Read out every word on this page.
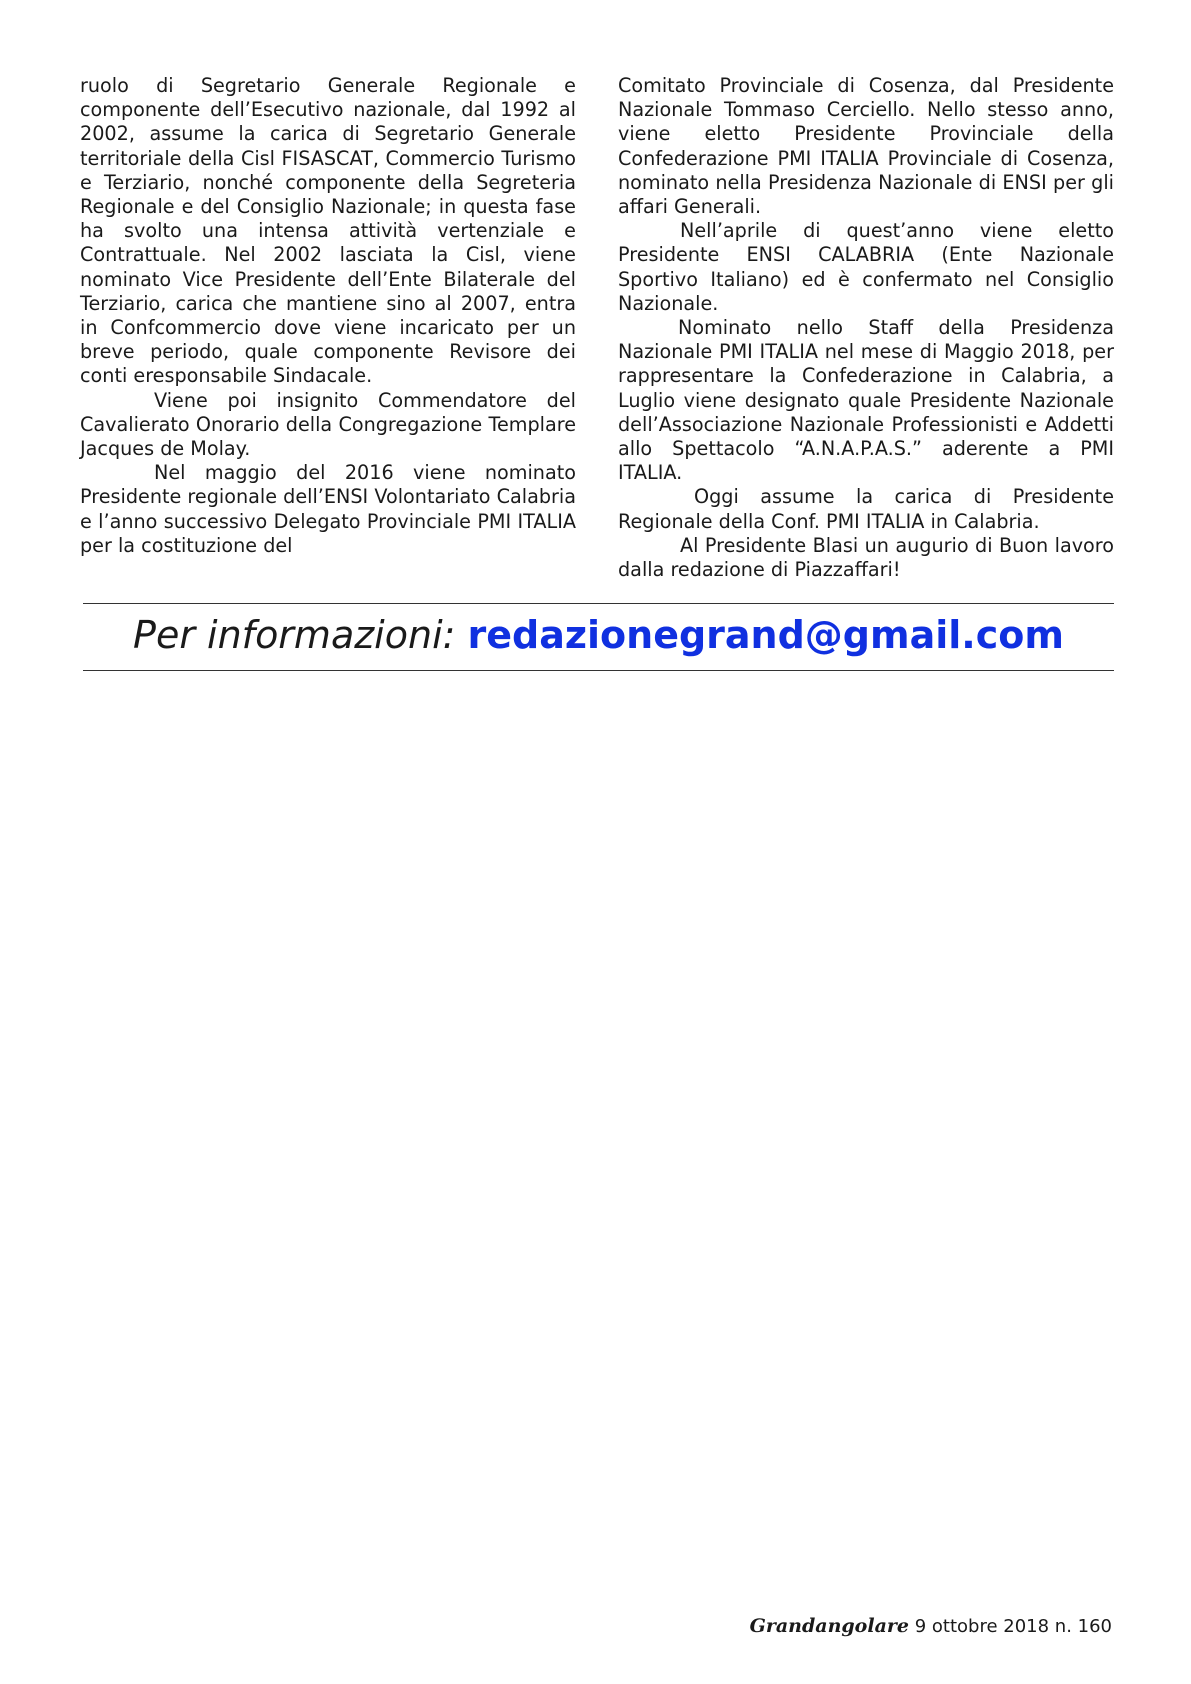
ruolo di Segretario Generale Regionale e componente dell’Esecutivo nazionale, dal 1992 al 2002, assume la carica di Segretario Generale territoriale della Cisl FISASCAT, Commercio Turismo e Terziario, nonché componente della Segreteria Regionale e del Consiglio Nazionale; in questa fase ha svolto una intensa attività vertenziale e Contrattuale. Nel 2002 lasciata la Cisl, viene nominato Vice Presidente dell’Ente Bilaterale del Terziario, carica che mantiene sino al 2007, entra in Confcommercio dove viene incaricato per un breve periodo, quale componente Revisore dei conti eresponsabile Sindacale.

Viene poi insignito Commendatore del Cavalierato Onorario della Congregazione Templare Jacques de Molay.

Nel maggio del 2016 viene nominato Presidente regionale dell’ENSI Volontariato Calabria e l’anno successivo Delegato Provinciale PMI ITALIA per la costituzione del

Comitato Provinciale di Cosenza, dal Presidente Nazionale Tommaso Cerciello. Nello stesso anno, viene eletto Presidente Provinciale della Confederazione PMI ITALIA Provinciale di Cosenza, nominato nella Presidenza Nazionale di ENSI per gli affari Generali.

Nell’aprile di quest’anno viene eletto Presidente ENSI CALABRIA (Ente Nazionale Sportivo Italiano) ed è confermato nel Consiglio Nazionale.

Nominato nello Staff della Presidenza Nazionale PMI ITALIA nel mese di Maggio 2018, per rappresentare la Confederazione in Calabria, a Luglio viene designato quale Presidente Nazionale dell’Associazione Nazionale Professionisti e Addetti allo Spettacolo “A.N.A.P.A.S.” aderente a PMI ITALIA.

Oggi assume la carica di Presidente Regionale della Conf. PMI ITALIA in Calabria.

Al Presidente Blasi un augurio di Buon lavoro dalla redazione di Piazzaffari!

Per informazioni: redazionegrand@gmail.com
Grandangolare 9 ottobre 2018 n. 160
